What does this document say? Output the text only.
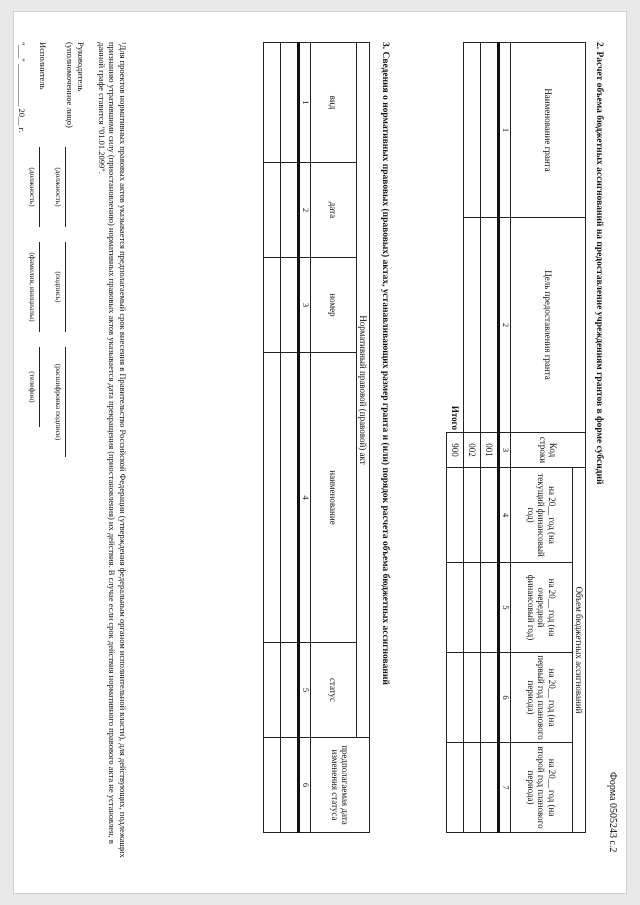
Форма 0505243 с.2
2. Расчет объема бюджетных ассигнований на предоставление учреждениям грантов в форме субсидий
Наименование гранта	Цель предоставления гранта	Код строки	Объем бюджетных ассигнований			
			на 20__ год (на текущий финансовый год)	на 20__ год (на очередной финансовый год)	на 20__ год (на первый год планового периода)	на 20__ год (на второй год планового периода)
1	2	3	4	5	6	7
		001				
		002				
	Итого	900				
3. Сведения о нормативных правовых (правовых) актах, устанавливающих размер гранта и (или) порядок расчета объема бюджетных ассигнований
Нормативный правовой (правовой) акт					предполагаемая дата изменения статуса
вид	дата	номер	наименование	статус	
1	2	3	4	5	6

¹Для проектов нормативных правовых актов указывается предполагаемый срок внесения в Правительство Российской Федерации (утверждения федеральным органом исполнительной власти), для действующих, подлежащих признанию утратившими силу (приостановлению) нормативных правовых актов указывается дата прекращения (приостановления) их действия. В случае если срок действия нормативного правового акта не установлен, в данной графе ставится "01.01.2099".
Руководитель
(уполномоченное лицо)
(должность)
(подпись)
(расшифровка подписи)
Исполнитель
(должность)
(фамилия, инициалы)
(телефон)
"___" __________ 20__ г.
